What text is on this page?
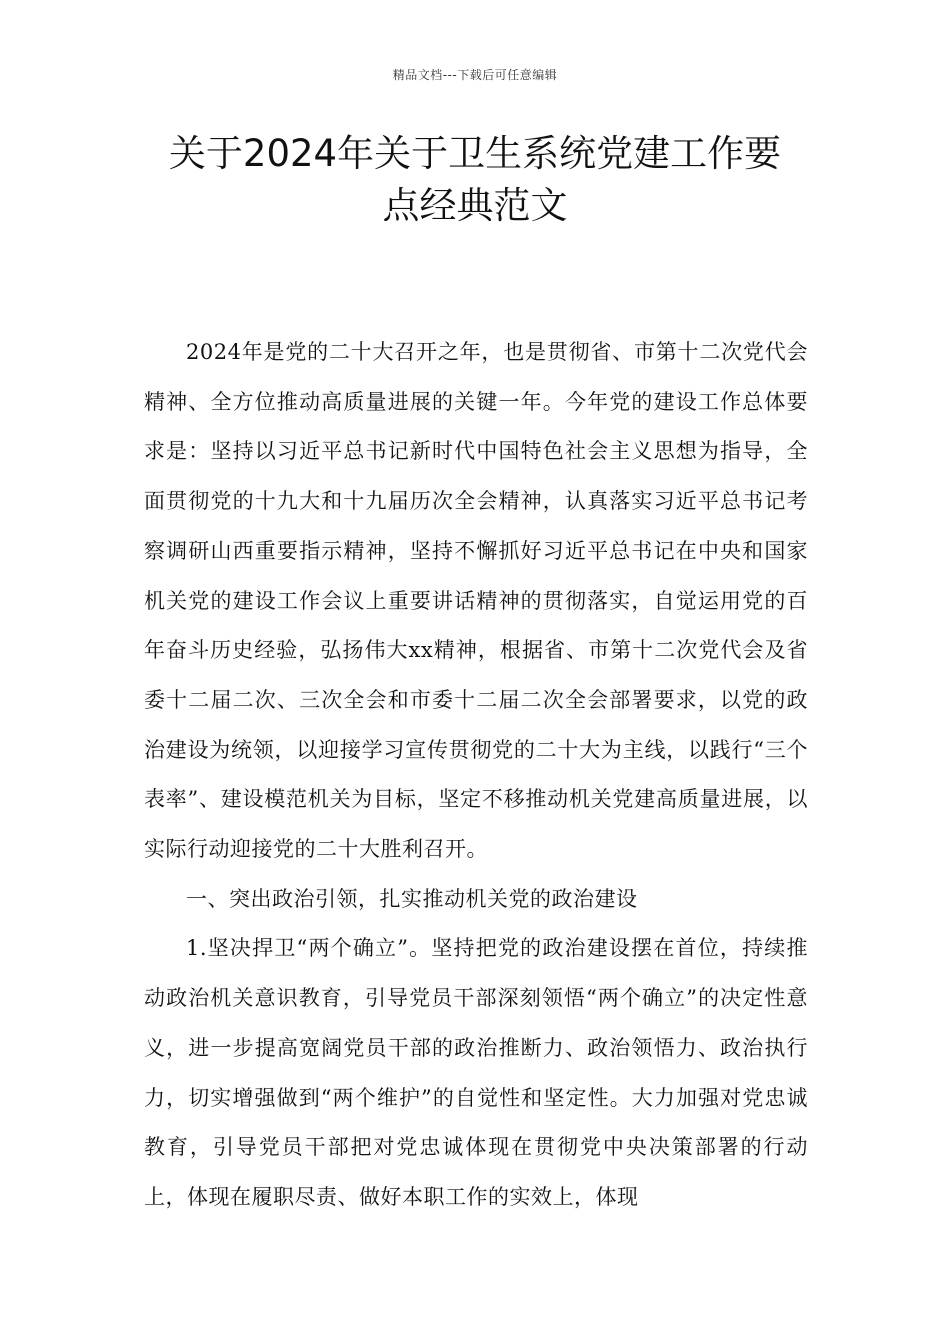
精品文档---下载后可任意编辑
关于2024年关于卫生系统党建工作要
点经典范文

2024年是党的二十大召开之年，也是贯彻省、市第十二次党代会精神、全方位推动高质量进展的关键一年。今年党的建设工作总体要求是：坚持以习近平总书记新时代中国特色社会主义思想为指导，全面贯彻党的十九大和十九届历次全会精神，认真落实习近平总书记考察调研山西重要指示精神，坚持不懈抓好习近平总书记在中央和国家机关党的建设工作会议上重要讲话精神的贯彻落实，自觉运用党的百年奋斗历史经验，弘扬伟大xx精神，根据省、市第十二次党代会及省委十二届二次、三次全会和市委十二届二次全会部署要求，以党的政治建设为统领，以迎接学习宣传贯彻党的二十大为主线，以践行“三个表率”、建设模范机关为目标，坚定不移推动机关党建高质量进展，以实际行动迎接党的二十大胜利召开。

一、突出政治引领，扎实推动机关党的政治建设

1.坚决捍卫“两个确立”。坚持把党的政治建设摆在首位，持续推动政治机关意识教育，引导党员干部深刻领悟“两个确立”的决定性意义，进一步提高宽阔党员干部的政治推断力、政治领悟力、政治执行力，切实增强做到“两个维护”的自觉性和坚定性。大力加强对党忠诚教育，引导党员干部把对党忠诚体现在贯彻党中央决策部署的行动上，体现在履职尽责、做好本职工作的实效上，体现
